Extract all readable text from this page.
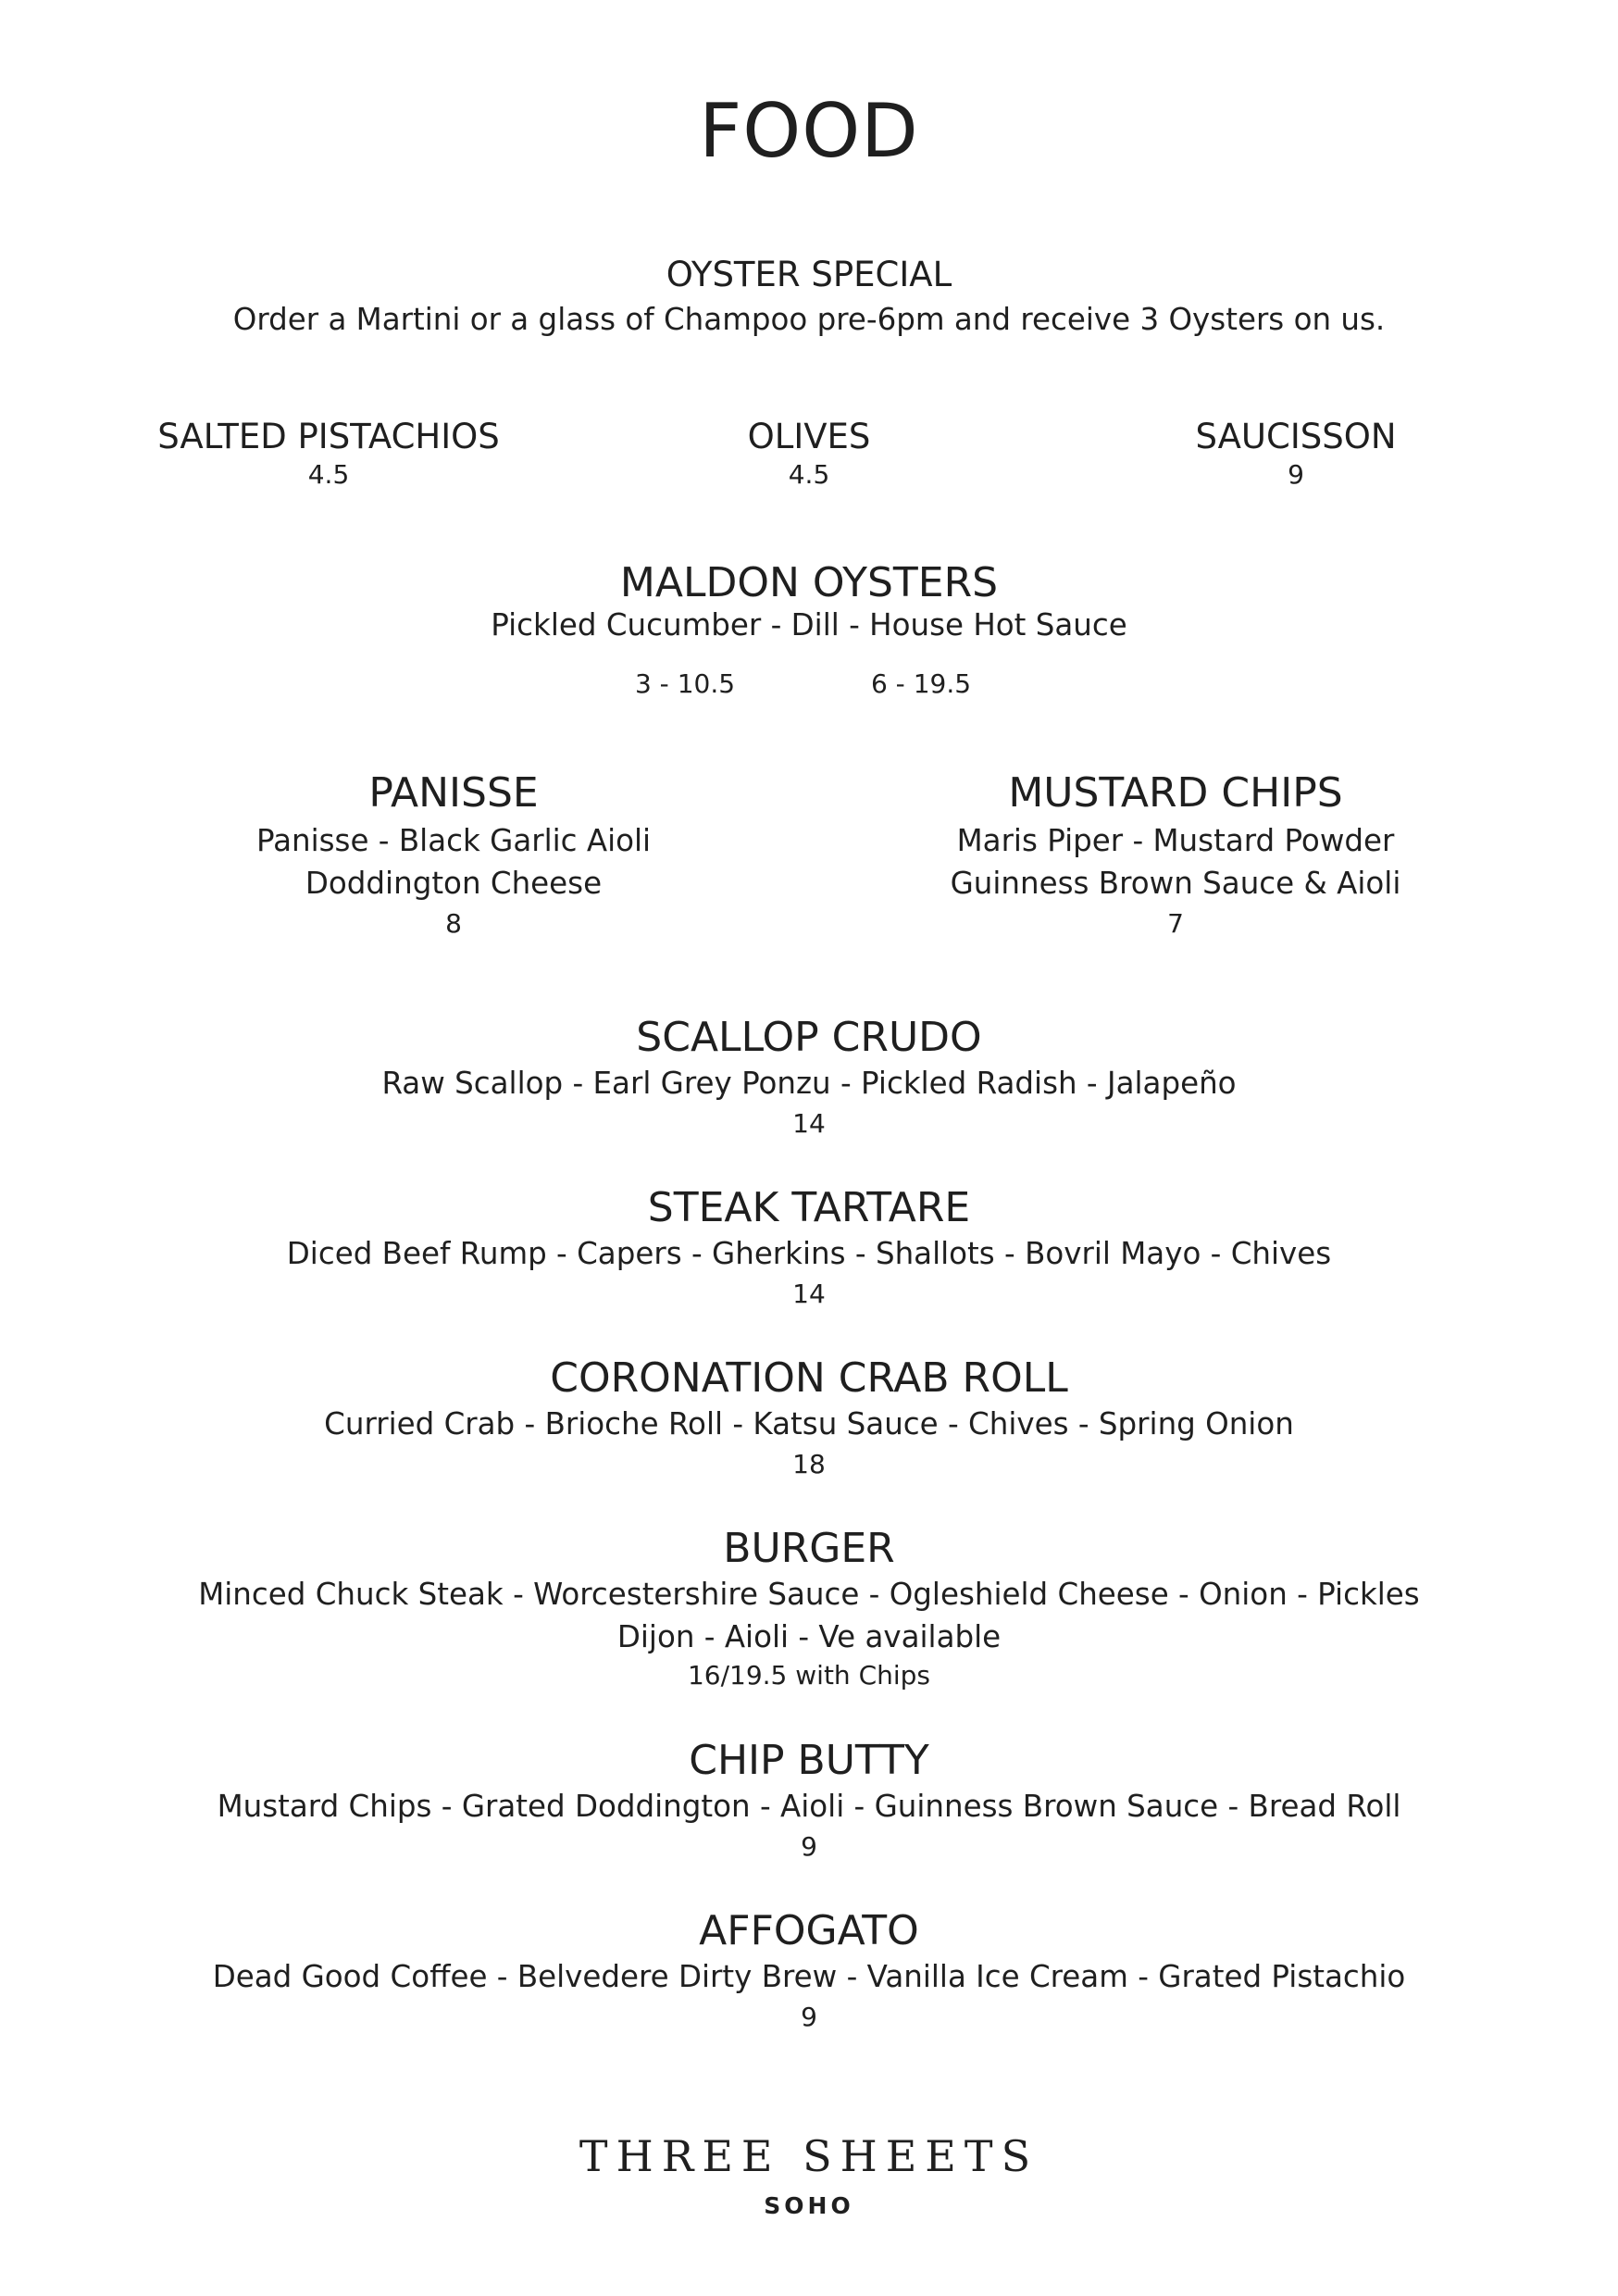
FOOD
OYSTER SPECIAL
Order a Martini or a glass of Champoo pre-6pm and receive 3 Oysters on us.
SALTED PISTACHIOS
4.5
OLIVES
4.5
SAUCISSON
9
MALDON OYSTERS
Pickled Cucumber - Dill - House Hot Sauce
3 - 10.5	6 - 19.5
PANISSE
Panisse - Black Garlic Aioli
Doddington Cheese
8
MUSTARD CHIPS
Maris Piper - Mustard Powder
Guinness Brown Sauce & Aioli
7
SCALLOP CRUDO
Raw Scallop - Earl Grey Ponzu - Pickled Radish - Jalapeño
14
STEAK TARTARE
Diced Beef Rump - Capers - Gherkins - Shallots - Bovril Mayo - Chives
14
CORONATION CRAB ROLL
Curried Crab - Brioche Roll - Katsu Sauce - Chives - Spring Onion
18
BURGER
Minced Chuck Steak - Worcestershire Sauce - Ogleshield Cheese - Onion - Pickles
Dijon - Aioli - Ve available
16/19.5 with Chips
CHIP BUTTY
Mustard Chips - Grated Doddington - Aioli - Guinness Brown Sauce - Bread Roll
9
AFFOGATO
Dead Good Coffee - Belvedere Dirty Brew - Vanilla Ice Cream - Grated Pistachio
9
THREE SHEETS
SOHO
